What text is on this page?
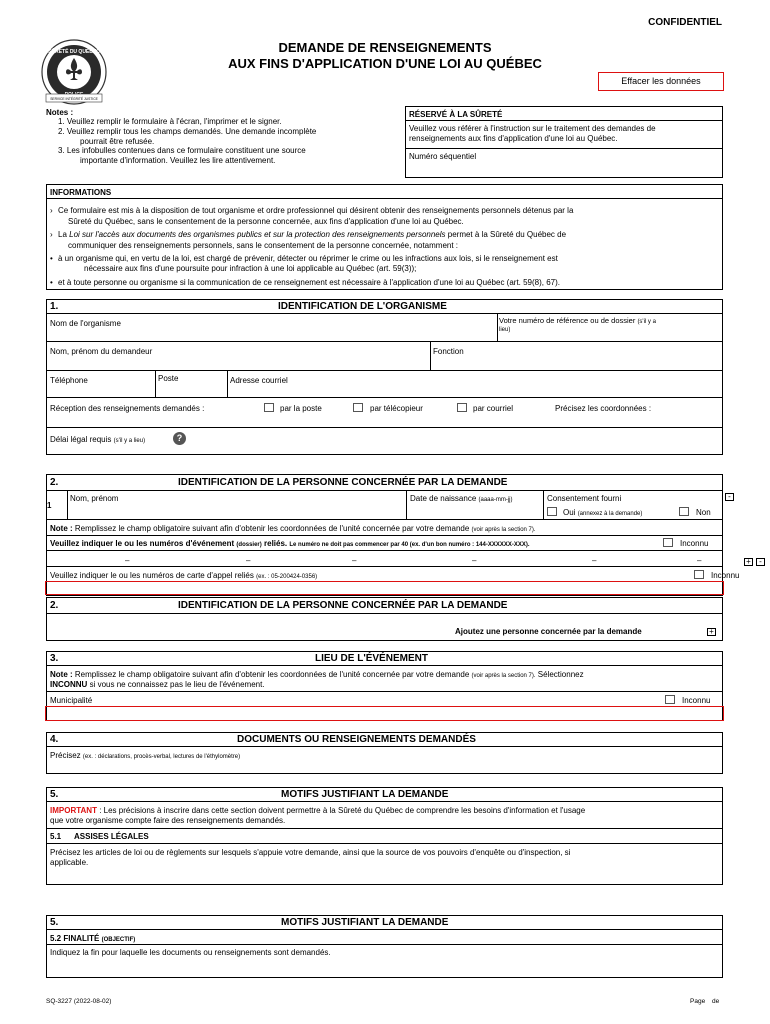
CONFIDENTIEL
SÛRETÉ DU QUÉBEC
SERVICE INTÉGRITÉ JUSTICE
DEMANDE DE RENSEIGNEMENTS
AUX FINS D'APPLICATION D'UNE LOI AU QUÉBEC
Effacer les données
Notes :
1. Veuillez remplir le formulaire à l'écran, l'imprimer et le signer.
2. Veuillez remplir tous les champs demandés. Une demande incomplète
pourrait être refusée.
3. Les infobulles contenues dans ce formulaire constituent une source
importante d'information. Veuillez les lire attentivement.
RÉSERVÉ À LA SÛRETÉ
Veuillez vous référer à l'instruction sur le traitement des demandes de
renseignements aux fins d'application d'une loi au Québec.
Numéro séquentiel
INFORMATIONS
› Ce formulaire est mis à la disposition de tout organisme et ordre professionnel qui désirent obtenir des renseignements personnels détenus par la
Sûreté du Québec, sans le consentement de la personne concernée, aux fins d'application d'une loi au Québec.
› La Loi sur l'accès aux documents des organismes publics et sur la protection des renseignements personnels permet à la Sûreté du Québec de
communiquer des renseignements personnels, sans le consentement de la personne concernée, notamment :
• à un organisme qui, en vertu de la loi, est chargé de prévenir, détecter ou réprimer le crime ou les infractions aux lois, si le renseignement est
nécessaire aux fins d'une poursuite pour infraction à une loi applicable au Québec (art. 59(3));
• et à toute personne ou organisme si la communication de ce renseignement est nécessaire à l'application d'une loi au Québec (art. 59(8), 67).
1.	IDENTIFICATION DE L'ORGANISME
Nom de l'organisme	Votre numéro de référence ou de dossier (s'il y a
lieu)
Nom, prénom du demandeur	Fonction
Téléphone	Poste	Adresse courriel
Réception des renseignements demandés :	par la poste	par télécopieur	par courriel	Précisez les coordonnées :
Délai légal requis (s'il y a lieu)	?
2.	IDENTIFICATION DE LA PERSONNE CONCERNÉE PAR LA DEMANDE
1
Nom, prénom	Date de naissance (aaaa-mm-jj)	Consentement fourni
Oui (annexez à la demande)	Non
-
Note : Remplissez le champ obligatoire suivant afin d'obtenir les coordonnées de l'unité concernée par votre demande (voir après la section 7).
Veuillez indiquer le ou les numéros d'événement (dossier) reliés. Le numéro ne doit pas commencer par 40 (ex. d'un bon numéro : 144-XXXXXX-XXX).	Inconnu
–	–	–	–	–	–	-
+
Veuillez indiquer le ou les numéros de carte d'appel reliés (ex. : 05-200424-0356)	Inconnu
2.	IDENTIFICATION DE LA PERSONNE CONCERNÉE PAR LA DEMANDE
Ajoutez une personne concernée par la demande	+
3.	LIEU DE L'ÉVÉNEMENT
Note : Remplissez le champ obligatoire suivant afin d'obtenir les coordonnées de l'unité concernée par votre demande (voir après la section 7). Sélectionnez
INCONNU si vous ne connaissez pas le lieu de l'événement.
Municipalité	Inconnu
4.	DOCUMENTS OU RENSEIGNEMENTS DEMANDÉS
Précisez (ex. : déclarations, procès-verbal, lectures de l'éthylomètre)
5.	MOTIFS JUSTIFIANT LA DEMANDE
IMPORTANT : Les précisions à inscrire dans cette section doivent permettre à la Sûreté du Québec de comprendre les besoins d'information et l'usage
que votre organisme compte faire des renseignements demandés.
5.1 ASSISES LÉGALES
Précisez les articles de loi ou de règlements sur lesquels s'appuie votre demande, ainsi que la source de vos pouvoirs d'enquête ou d'inspection, si
applicable.
5.	MOTIFS JUSTIFIANT LA DEMANDE
5.2 FINALITÉ (OBJECTIF)
Indiquez la fin pour laquelle les documents ou renseignements sont demandés.
SQ-3227 (2022-08-02)	Page de
